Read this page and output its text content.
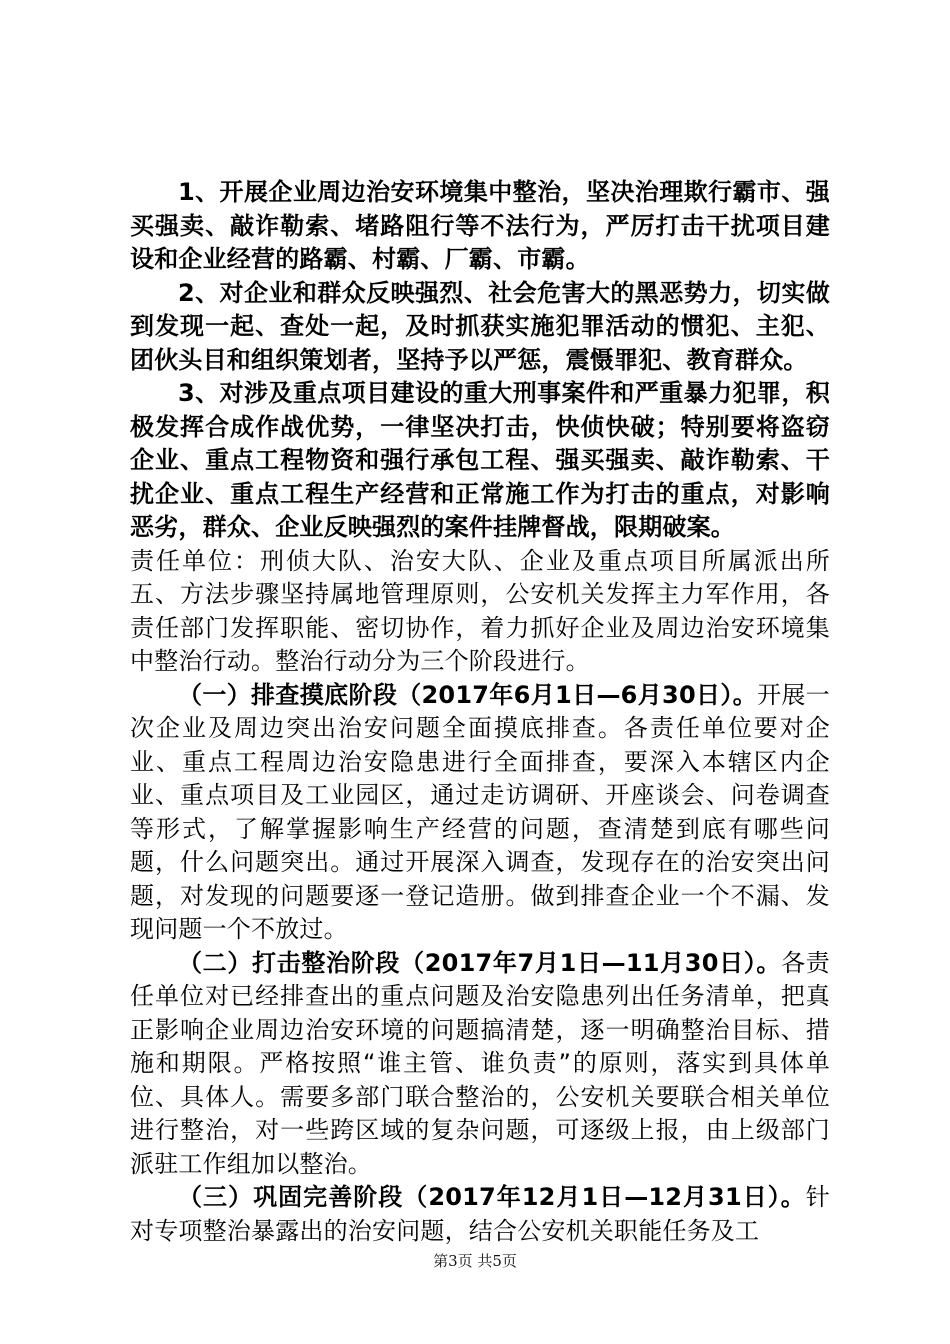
1、开展企业周边治安环境集中整治，坚决治理欺行霸市、强买强卖、敲诈勒索、堵路阻行等不法行为，严厉打击干扰项目建设和企业经营的路霸、村霸、厂霸、市霸。

2、对企业和群众反映强烈、社会危害大的黑恶势力，切实做到发现一起、查处一起，及时抓获实施犯罪活动的惯犯、主犯、团伙头目和组织策划者，坚持予以严惩，震慑罪犯、教育群众。

3、对涉及重点项目建设的重大刑事案件和严重暴力犯罪，积极发挥合成作战优势，一律坚决打击，快侦快破；特别要将盗窃企业、重点工程物资和强行承包工程、强买强卖、敲诈勒索、干扰企业、重点工程生产经营和正常施工作为打击的重点，对影响恶劣，群众、企业反映强烈的案件挂牌督战，限期破案。

责任单位：刑侦大队、治安大队、企业及重点项目所属派出所五、方法步骤坚持属地管理原则，公安机关发挥主力军作用，各责任部门发挥职能、密切协作，着力抓好企业及周边治安环境集中整治行动。整治行动分为三个阶段进行。

（一）排查摸底阶段（2017年6月1日—6月30日）。开展一次企业及周边突出治安问题全面摸底排查。各责任单位要对企业、重点工程周边治安隐患进行全面排查，要深入本辖区内企业、重点项目及工业园区，通过走访调研、开座谈会、问卷调查等形式，了解掌握影响生产经营的问题，查清楚到底有哪些问题，什么问题突出。通过开展深入调查，发现存在的治安突出问题，对发现的问题要逐一登记造册。做到排查企业一个不漏、发现问题一个不放过。

（二）打击整治阶段（2017年7月1日—11月30日）。各责任单位对已经排查出的重点问题及治安隐患列出任务清单，把真正影响企业周边治安环境的问题搞清楚，逐一明确整治目标、措施和期限。严格按照“谁主管、谁负责”的原则，落实到具体单位、具体人。需要多部门联合整治的，公安机关要联合相关单位进行整治，对一些跨区域的复杂问题，可逐级上报，由上级部门派驻工作组加以整治。

（三）巩固完善阶段（2017年12月1日—12月31日）。针对专项整治暴露出的治安问题，结合公安机关职能任务及工

第3页 共5页
